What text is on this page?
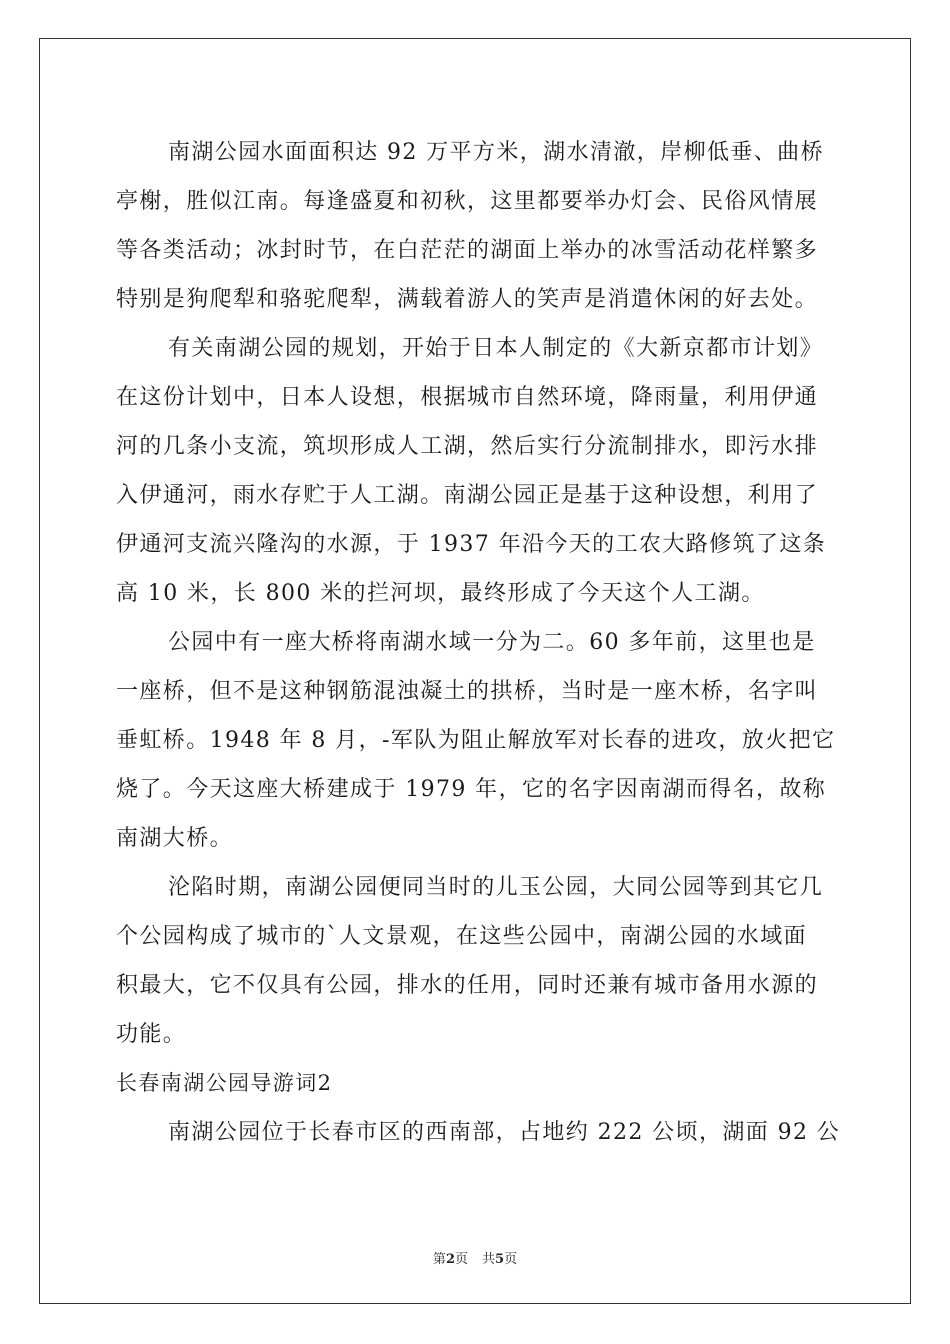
南湖公园水面面积达 92 万平方米，湖水清澈，岸柳低垂、曲桥
亭榭，胜似江南。每逢盛夏和初秋，这里都要举办灯会、民俗风情展
等各类活动；冰封时节，在白茫茫的湖面上举办的冰雪活动花样繁多
特别是狗爬犁和骆驼爬犁，满载着游人的笑声是消遣休闲的好去处。
有关南湖公园的规划，开始于日本人制定的《大新京都市计划》
在这份计划中，日本人设想，根据城市自然环境，降雨量，利用伊通
河的几条小支流，筑坝形成人工湖，然后实行分流制排水，即污水排
入伊通河，雨水存贮于人工湖。南湖公园正是基于这种设想，利用了
伊通河支流兴隆沟的水源，于 1937 年沿今天的工农大路修筑了这条
高 10 米，长 800 米的拦河坝，最终形成了今天这个人工湖。
公园中有一座大桥将南湖水域一分为二。60 多年前，这里也是
一座桥，但不是这种钢筋混浊凝土的拱桥，当时是一座木桥，名字叫
垂虹桥。1948 年 8 月，-军队为阻止解放军对长春的进攻，放火把它
烧了。今天这座大桥建成于 1979 年，它的名字因南湖而得名，故称
南湖大桥。
沦陷时期，南湖公园便同当时的儿玉公园，大同公园等到其它几
个公园构成了城市的`人文景观，在这些公园中，南湖公园的水域面
积最大，它不仅具有公园，排水的任用，同时还兼有城市备用水源的
功能。
长春南湖公园导游词2
南湖公园位于长春市区的西南部，占地约 222 公顷，湖面 92 公
第2页 共5页
